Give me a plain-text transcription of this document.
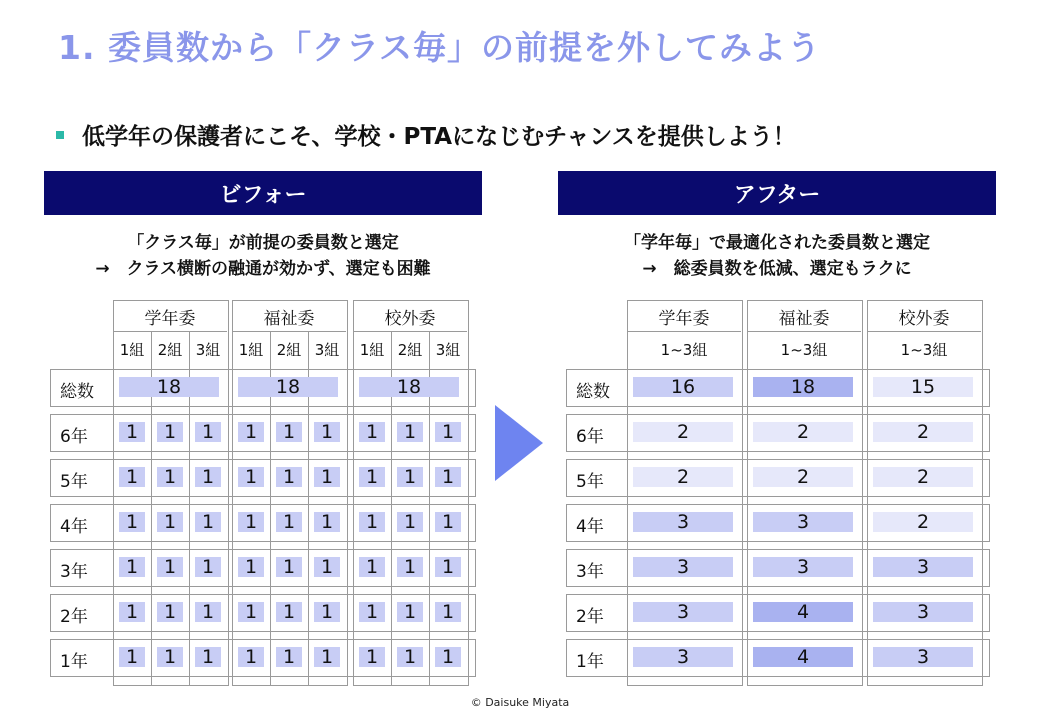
1. 委員数から「クラス毎」の前提を外してみよう
低学年の保護者にこそ、学校・PTAになじむチャンスを提供しよう！
ビフォー	アフター
「クラス毎」が前提の委員数と選定
→　クラス横断の融通が効かず、選定も困難
「学年毎」で最適化された委員数と選定
→　総委員数を低減、選定もラクに
学年委
1組 2組 3組
福祉委
1組 2組 3組
校外委
1組 2組 3組
総数	18	18	18
6年	1	1	1	1	1	1	1	1	1
5年	1	1	1	1	1	1	1	1	1
4年	1	1	1	1	1	1	1	1	1
3年	1	1	1	1	1	1	1	1	1
2年	1	1	1	1	1	1	1	1	1
1年	1	1	1	1	1	1	1	1	1
学年委
1~3組
福祉委
1~3組
校外委
1~3組
総数	16	18	15
6年	2	2	2
5年	2	2	2
4年	3	3	2
3年	3	3	3
2年	3	4	3
1年	3	4	3
© Daisuke Miyata
